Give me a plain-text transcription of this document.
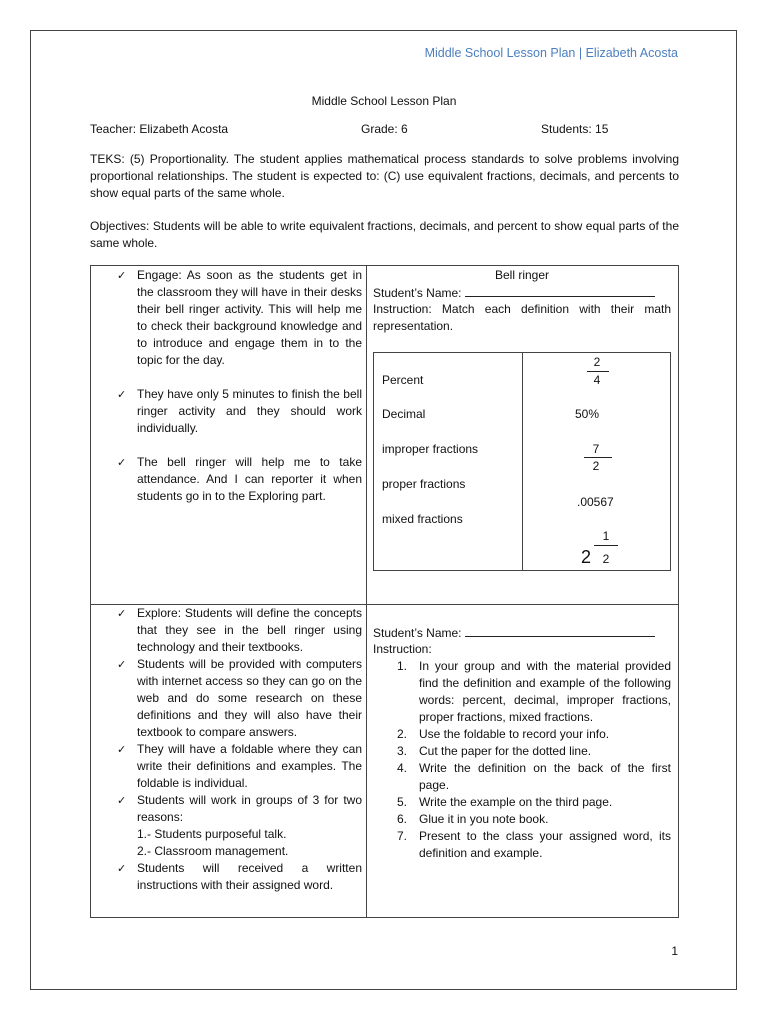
Middle School Lesson Plan | Elizabeth Acosta
Middle School Lesson Plan
Teacher: Elizabeth Acosta	Grade: 6	Students: 15
TEKS: (5) Proportionality. The student applies mathematical process standards to solve problems involving proportional relationships. The student is expected to: (C) use equivalent fractions, decimals, and percents to show equal parts of the same whole.
Objectives: Students will be able to write equivalent fractions, decimals, and percent to show equal parts of the same whole.
✓ Engage: As soon as the students get in the classroom they will have in their desks their bell ringer activity. This will help me to check their background knowledge and to introduce and engage them in to the topic for the day.
✓ They have only 5 minutes to finish the bell ringer activity and they should work individually.
✓ The bell ringer will help me to take attendance. And I can reporter it when students go in to the Exploring part.
Bell ringer
Student’s Name:
Instruction: Match each definition with their math representation.
Percent
Decimal
improper fractions
proper fractions
mixed fractions
2
4
50%
7
2
.00567
1
2 2
✓ Explore: Students will define the concepts that they see in the bell ringer using technology and their textbooks.
✓ Students will be provided with computers with internet access so they can go on the web and do some research on these definitions and they will also have their textbook to compare answers.
✓ They will have a foldable where they can write their definitions and examples. The foldable is individual.
✓ Students will work in groups of 3 for two reasons:
1.- Students purposeful talk.
2.- Classroom management.
✓ Students will received a written instructions with their assigned word.
Student’s Name:
Instruction:
1. In your group and with the material provided find the definition and example of the following words: percent, decimal, improper fractions, proper fractions, mixed fractions.
2. Use the foldable to record your info.
3. Cut the paper for the dotted line.
4. Write the definition on the back of the first page.
5. Write the example on the third page.
6. Glue it in you note book.
7. Present to the class your assigned word, its definition and example.
1
